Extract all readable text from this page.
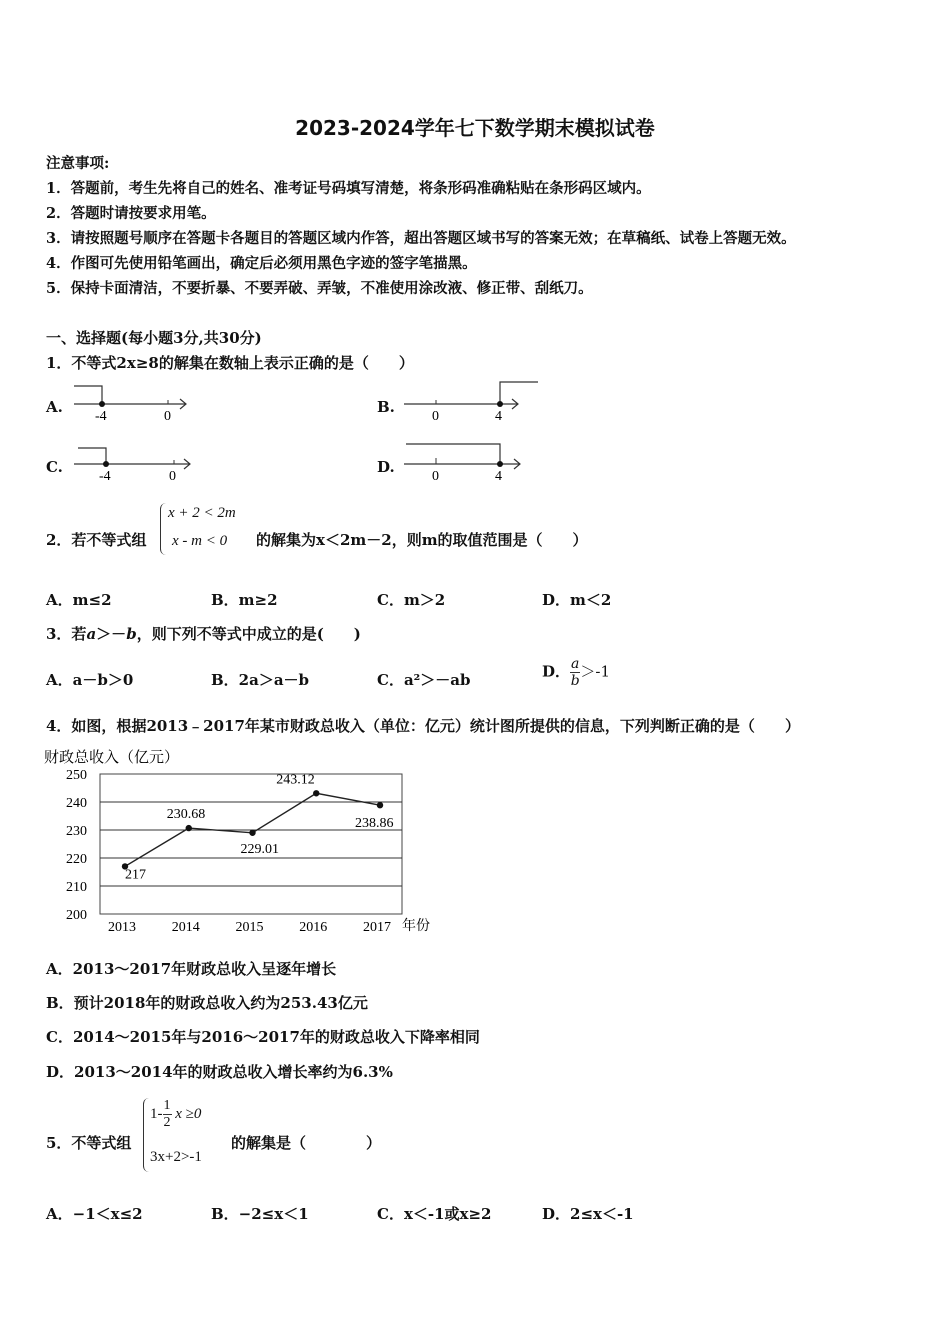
2023-2024学年七下数学期末模拟试卷
注意事项:
1．答题前，考生先将自己的姓名、准考证号码填写清楚，将条形码准确粘贴在条形码区域内。
2．答题时请按要求用笔。
3．请按照题号顺序在答题卡各题目的答题区域内作答，超出答题区域书写的答案无效；在草稿纸、试卷上答题无效。
4．作图可先使用铅笔画出，确定后必须用黑色字迹的签字笔描黑。
5．保持卡面清洁，不要折暴、不要弄破、弄皱，不准使用涂改液、修正带、刮纸刀。
一、选择题(每小题3分,共30分)
1．不等式2x≥8的解集在数轴上表示正确的是（　　）
A.
-4	0
B.
0	4
C.
-4	0
D.
0	4
2．若不等式组
x + 2 < 2m
x - m < 0 的解集为x＜2m－2，则m的取值范围是（　　）
A．m≤2	B．m≥2	C．m＞2	D．m＜2
3．若a＞－b，则下列不等式中成立的是(　　)
A．a－b＞0	B．2a＞a－b	C．a²＞－ab	D． $\frac{a}{b} >-1$
4．如图，根据2013﹣2017年某市财政总收入（单位：亿元）统计图所提供的信息，下列判断正确的是（　　）
财政总收入（亿元）
年份
200
210
220
230
240
250
2013	2014	2015	2016	2017
217
230.68
229.01
243.12
238.86
A．2013～2017年财政总收入呈逐年增长
B．预计2018年的财政总收入约为253.43亿元
C．2014～2015年与2016～2017年的财政总收入下降率相同
D．2013～2014年的财政总收入增长率约为6.3%
5．不等式组
$1- \frac{1}{2}$ x ≥0
3x+2>-1
的解集是（　　　　）
A．−1＜x≤2	B．−2≤x＜1	C．x＜-1或x≥2	D．2≤x＜-1
